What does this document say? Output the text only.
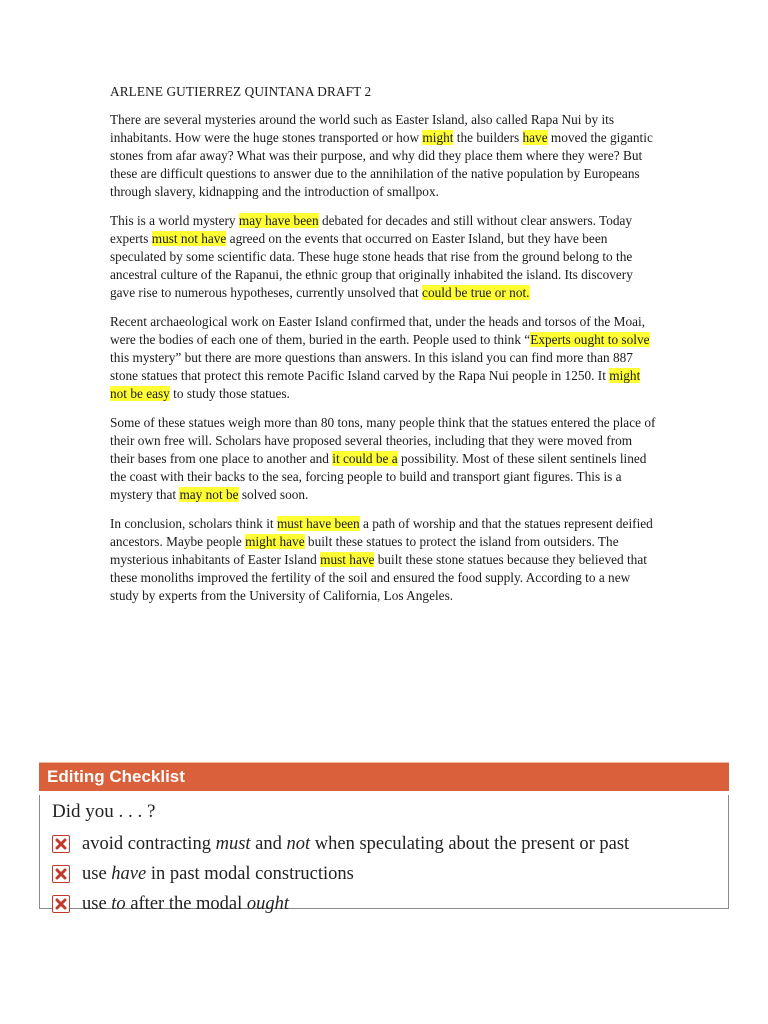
ARLENE GUTIERREZ QUINTANA DRAFT 2

There are several mysteries around the world such as Easter Island, also called Rapa Nui by its inhabitants. How were the huge stones transported or how might the builders have moved the gigantic stones from afar away? What was their purpose, and why did they place them where they were? But these are difficult questions to answer due to the annihilation of the native population by Europeans through slavery, kidnapping and the introduction of smallpox.

This is a world mystery may have been debated for decades and still without clear answers. Today experts must not have agreed on the events that occurred on Easter Island, but they have been speculated by some scientific data. These huge stone heads that rise from the ground belong to the ancestral culture of the Rapanui, the ethnic group that originally inhabited the island. Its discovery gave rise to numerous hypotheses, currently unsolved that could be true or not.

Recent archaeological work on Easter Island confirmed that, under the heads and torsos of the Moai, were the bodies of each one of them, buried in the earth. People used to think “Experts ought to solve this mystery” but there are more questions than answers. In this island you can find more than 887 stone statues that protect this remote Pacific Island carved by the Rapa Nui people in 1250. It might not be easy to study those statues.

Some of these statues weigh more than 80 tons, many people think that the statues entered the place of their own free will. Scholars have proposed several theories, including that they were moved from their bases from one place to another and it could be a possibility. Most of these silent sentinels lined the coast with their backs to the sea, forcing people to build and transport giant figures. This is a mystery that may not be solved soon.

In conclusion, scholars think it must have been a path of worship and that the statues represent deified ancestors. Maybe people might have built these statues to protect the island from outsiders. The mysterious inhabitants of Easter Island must have built these stone statues because they believed that these monoliths improved the fertility of the soil and ensured the food supply. According to a new study by experts from the University of California, Los Angeles.

Editing Checklist
Did you . . . ?
avoid contracting must and not when speculating about the present or past
use have in past modal constructions
use to after the modal ought
